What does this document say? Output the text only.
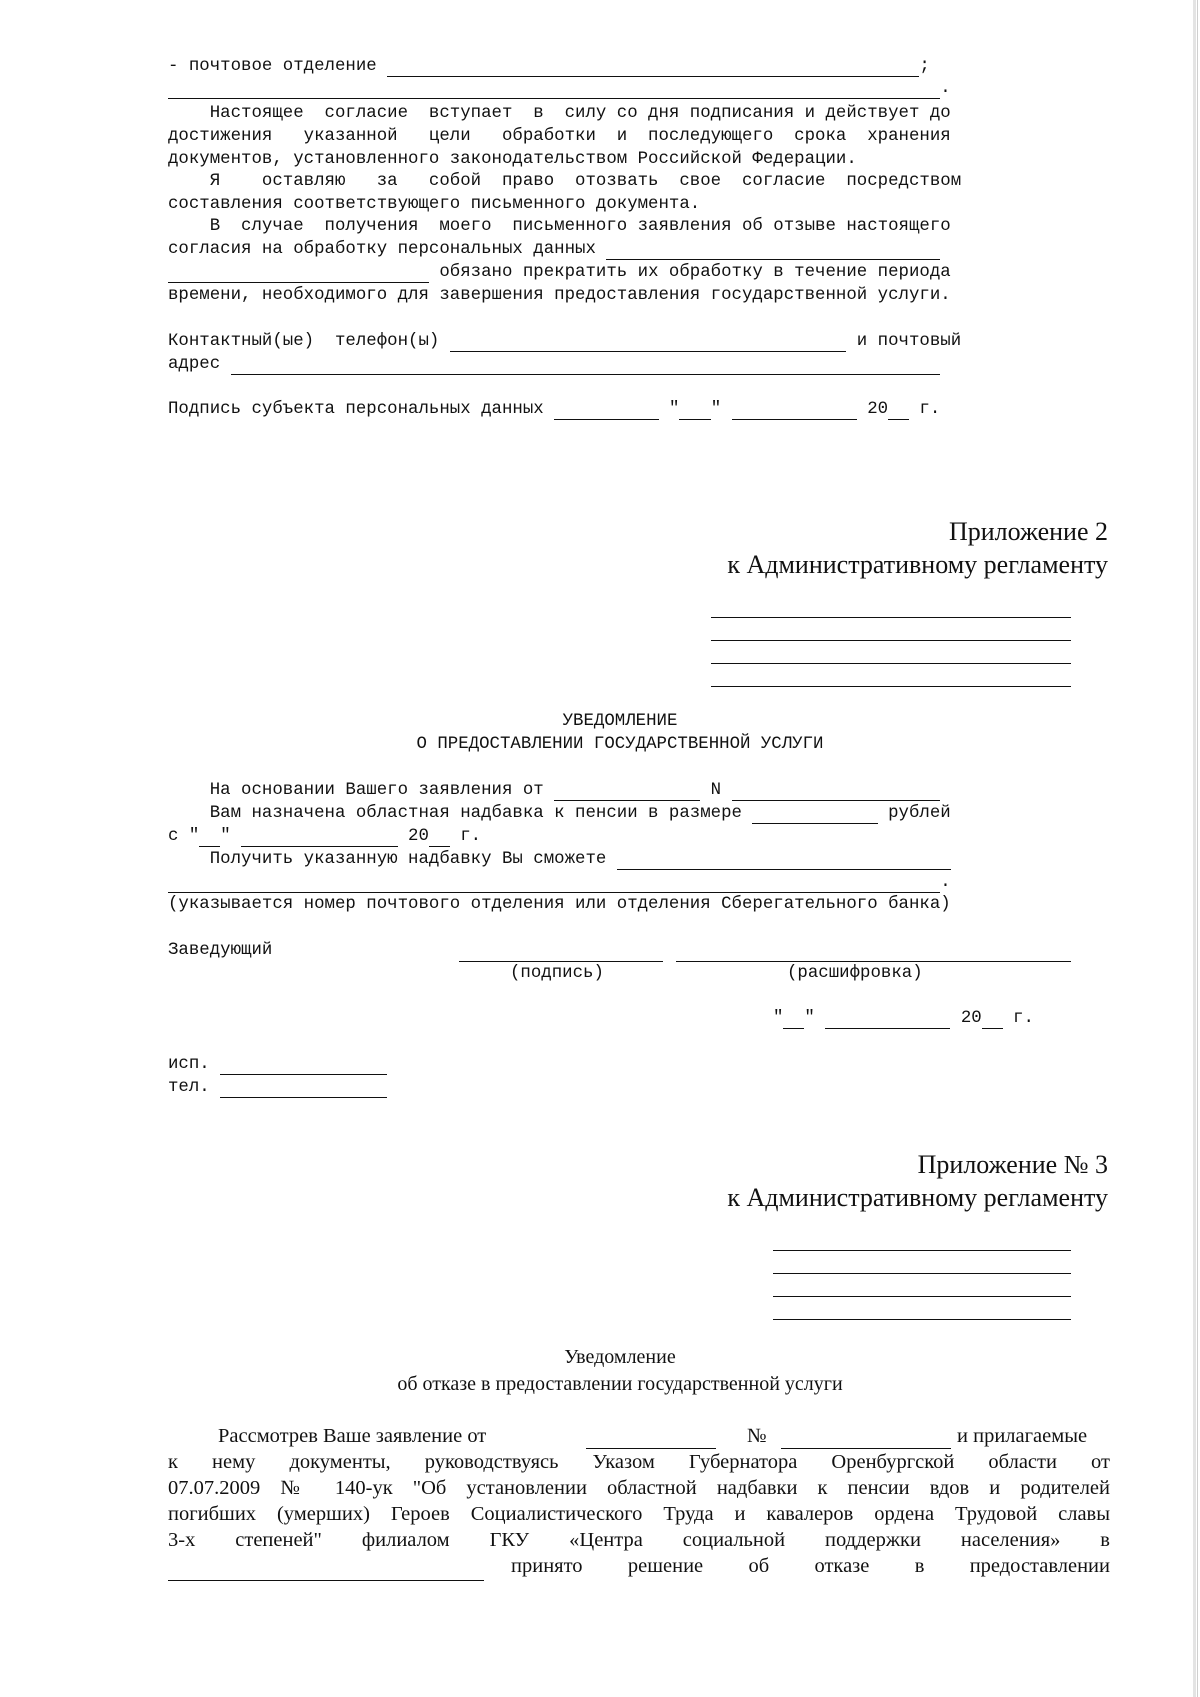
- почтовое отделение	;
.
Настоящее  согласие  вступает  в  силу со дня подписания и действует до
достижения   указанной   цели   обработки  и  последующего  срока  хранения
документов, установленного законодательством Российской Федерации.
Я    оставляю   за   собой  право  отозвать  свое  согласие  посредством
составления соответствующего письменного документа.
В  случае  получения  моего  письменного заявления об отзыве настоящего
согласия на обработку персональных данных
обязано прекратить их обработку в течение периода
времени, необходимого для завершения предоставления государственной услуги.
Контактный(ые)  телефон(ы)	и почтовый
адрес
Подпись субъекта персональных данных	" "	20   г.
Приложение 2
к Административному регламенту
УВЕДОМЛЕНИЕ
О ПРЕДОСТАВЛЕНИИ ГОСУДАРСТВЕННОЙ УСЛУГИ
На основании Вашего заявления от	N
Вам назначена областная надбавка к пенсии в размере	рублей
с " "	20   г.
Получить указанную надбавку Вы сможете
.
(указывается номер почтового отделения или отделения Сберегательного банка)
Заведующий
(подпись)	(расшифровка)
" "	20   г.
исп.
тел.
Приложение № 3
к Административному регламенту
Уведомление
об отказе в предоставлении государственной услуги
Рассмотрев Ваше заявление от	№	и прилагаемые
к нему документы, руководствуясь Указом Губернатора Оренбургской области от
07.07.2009 № 140-ук "Об установлении областной надбавки к пенсии вдов и родителей
погибших (умерших) Героев Социалистического Труда и кавалеров ордена Трудовой славы
3-х степеней" филиалом ГКУ «Центра социальной поддержки населения» в
принято решение об отказе в предоставлении
